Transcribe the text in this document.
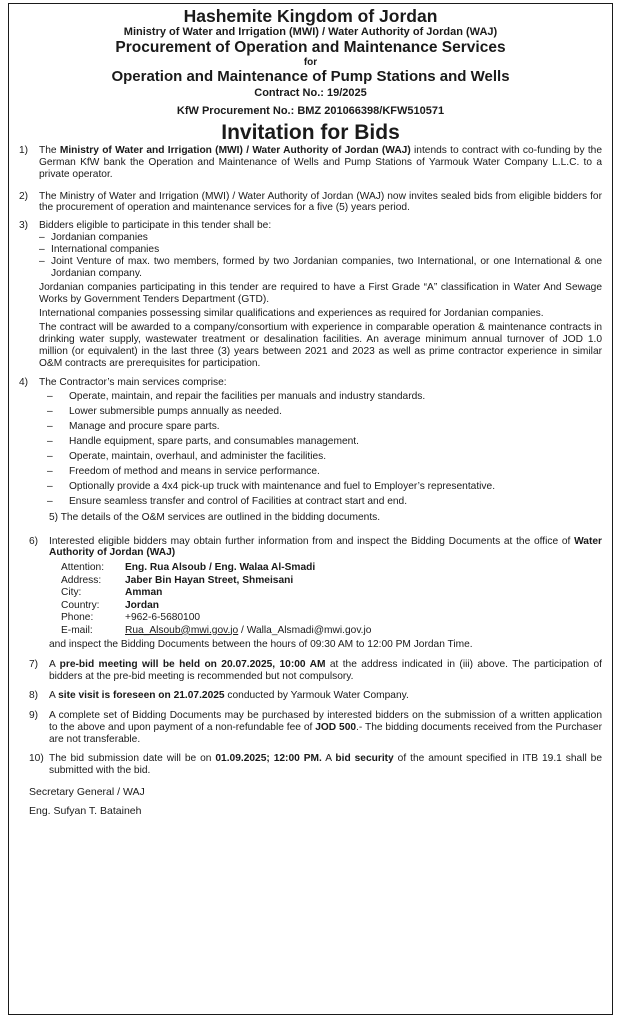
Hashemite Kingdom of Jordan
Ministry of Water and Irrigation (MWI) / Water Authority of Jordan (WAJ)
Procurement of Operation and Maintenance Services
for
Operation and Maintenance of Pump Stations and Wells
Contract No.: 19/2025
KfW Procurement No.: BMZ 201066398/KFW510571
Invitation for Bids
1)	The Ministry of Water and Irrigation (MWI) / Water Authority of Jordan (WAJ) intends to contract with co-funding by the German KfW bank the Operation and Maintenance of Wells and Pump Stations of Yarmouk Water Company L.L.C. to a private operator.
2)	The Ministry of Water and Irrigation (MWI) / Water Authority of Jordan (WAJ) now invites sealed bids from eligible bidders for the procurement of operation and maintenance services for a five (5) years period.
3)	Bidders eligible to participate in this tender shall be:
– Jordanian companies
– International companies
– Joint Venture of max. two members, formed by two Jordanian companies, two International, or one International & one Jordanian company.
Jordanian companies participating in this tender are required to have a First Grade “A” classification in Water And Sewage Works by Government Tenders Department (GTD).
International companies possessing similar qualifications and experiences as required for Jordanian companies.
The contract will be awarded to a company/consortium with experience in comparable operation & maintenance contracts in drinking water supply, wastewater treatment or desalination facilities. An average minimum annual turnover of JOD 1.0 million (or equivalent) in the last three (3) years between 2021 and 2023 as well as prime contractor experience in similar O&M contracts are prerequisites for participation.
4)	The Contractor’s main services comprise:
–	Operate, maintain, and repair the facilities per manuals and industry standards.
–	Lower submersible pumps annually as needed.
–	Manage and procure spare parts.
–	Handle equipment, spare parts, and consumables management.
–	Operate, maintain, overhaul, and administer the facilities.
–	Freedom of method and means in service performance.
–	Optionally provide a 4x4 pick-up truck with maintenance and fuel to Employer’s representative.
–	Ensure seamless transfer and control of Facilities at contract start and end.
5) The details of the O&M services are outlined in the bidding documents.
6)	Interested eligible bidders may obtain further information from and inspect the Bidding Documents at the office of Water Authority of Jordan (WAJ)
Attention:	Eng. Rua Alsoub / Eng. Walaa Al-Smadi
Address:	Jaber Bin Hayan Street, Shmeisani
City:	Amman
Country:	Jordan
Phone:	+962-6-5680100
E-mail:	Rua_Alsoub@mwi.gov.jo / Walla_Alsmadi@mwi.gov.jo
and inspect the Bidding Documents between the hours of 09:30 AM to 12:00 PM Jordan Time.
7)	A pre-bid meeting will be held on 20.07.2025, 10:00 AM at the address indicated in (iii) above. The participation of bidders at the pre-bid meeting is recommended but not compulsory.
8)	A site visit is foreseen on 21.07.2025 conducted by Yarmouk Water Company.
9)	A complete set of Bidding Documents may be purchased by interested bidders on the submission of a written application to the above and upon payment of a non-refundable fee of JOD 500.- The bidding documents received from the Purchaser are not transferable.
10) The bid submission date will be on 01.09.2025; 12:00 PM. A bid security of the amount specified in ITB 19.1 shall be submitted with the bid.
Secretary General / WAJ
Eng. Sufyan T. Bataineh
